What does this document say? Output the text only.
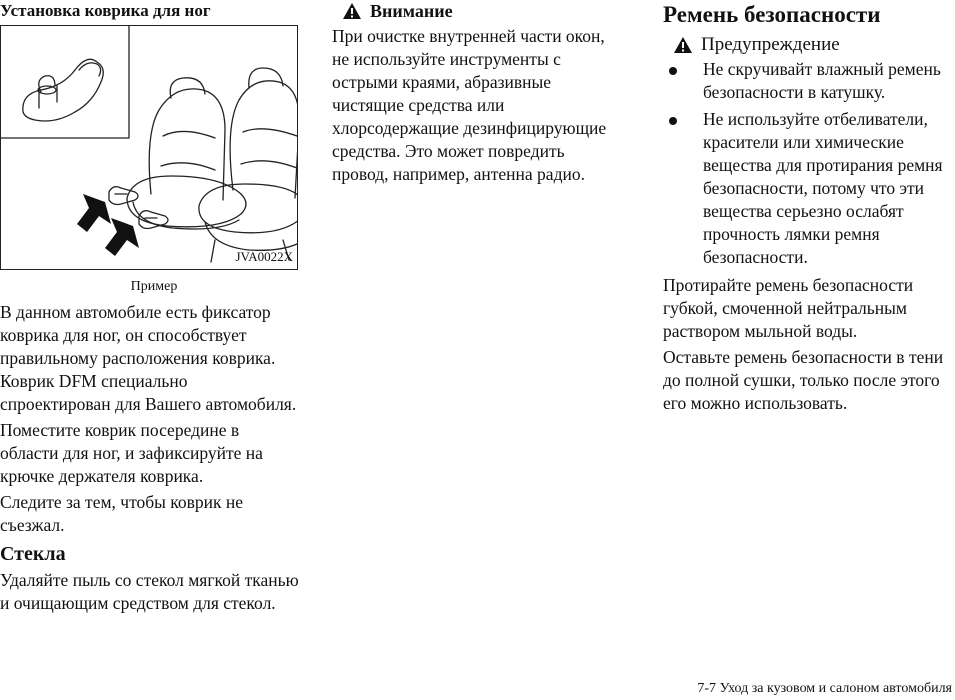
Установка коврика для ног
JVA0022X
Пример

В данном автомобиле есть фиксатор коврика для ног, он способствует правильному расположения коврика. Коврик DFM специально спроектирован для Вашего автомобиля.

Поместите коврик посередине в области для ног, и зафиксируйте на крючке держателя коврика.

Следите за тем, чтобы коврик не съезжал.

Стекла

Удаляйте пыль со стекол мягкой тканью и очищающим средством для стекол.

Внимание

При очистке внутренней части окон, не используйте инструменты с острыми краями, абразивные чистящие средства или хлорсодержащие дезинфицирующие средства. Это может повредить провод, например, антенна радио.

Ремень безопасности
Предупреждение
Не скручивайт влажный ремень безопасности в катушку.
Не используйте отбеливатели, красители или химические вещества для протирания ремня безопасности, потому что эти вещества серьезно ослабят прочность лямки ремня безопасности.

Протирайте ремень безопасности губкой, смоченной нейтральным раствором мыльной воды.

Оставьте ремень безопасности в тени до полной сушки, только после этого его можно использовать.

7-7 Уход за кузовом и салоном автомобиля
